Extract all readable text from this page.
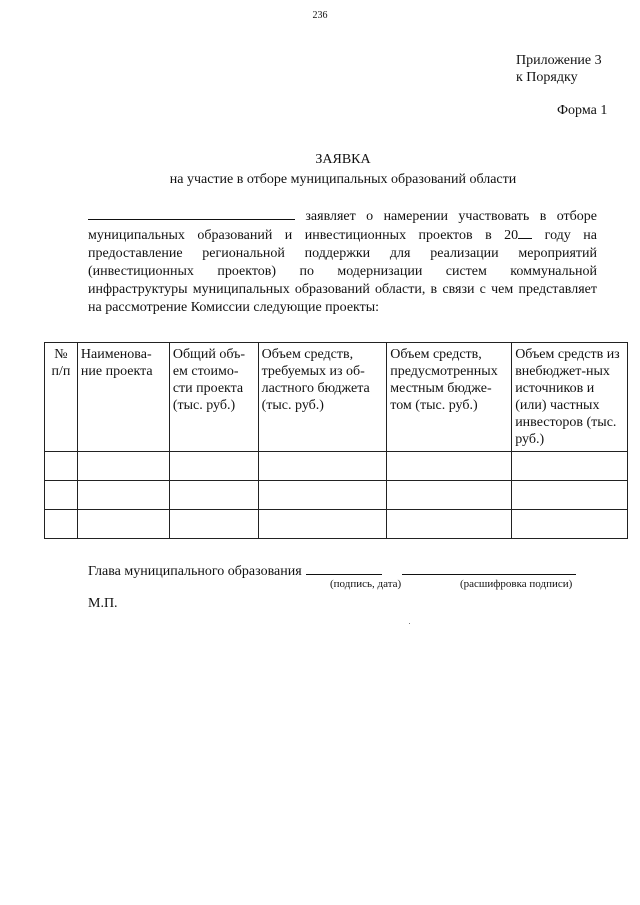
236
Приложение 3
к Порядку
Форма 1
ЗАЯВКА
на участие в отборе муниципальных образований области
заявляет о намерении участвовать в отборе муниципальных образований и инвестиционных проектов в 20 году на предоставление региональной поддержки для реализации мероприятий (инвестиционных проектов) по модернизации систем коммунальной инфраструктуры муниципальных образований области, в связи с чем представляет на рассмотрение Комиссии следующие проекты:
№ п/п	Наименова-ние проекта	Общий объ-ем стоимо-сти проекта (тыс. руб.)	Объем средств, требуемых из об-ластного бюджета (тыс. руб.)	Объем средств, предусмотренных местным бюдже-том (тыс. руб.)	Объем средств из внебюджет-ных источников и (или) частных инвесторов (тыс. руб.)

Глава муниципального образования
(подпись, дата)	(расшифровка подписи)
М.П.
